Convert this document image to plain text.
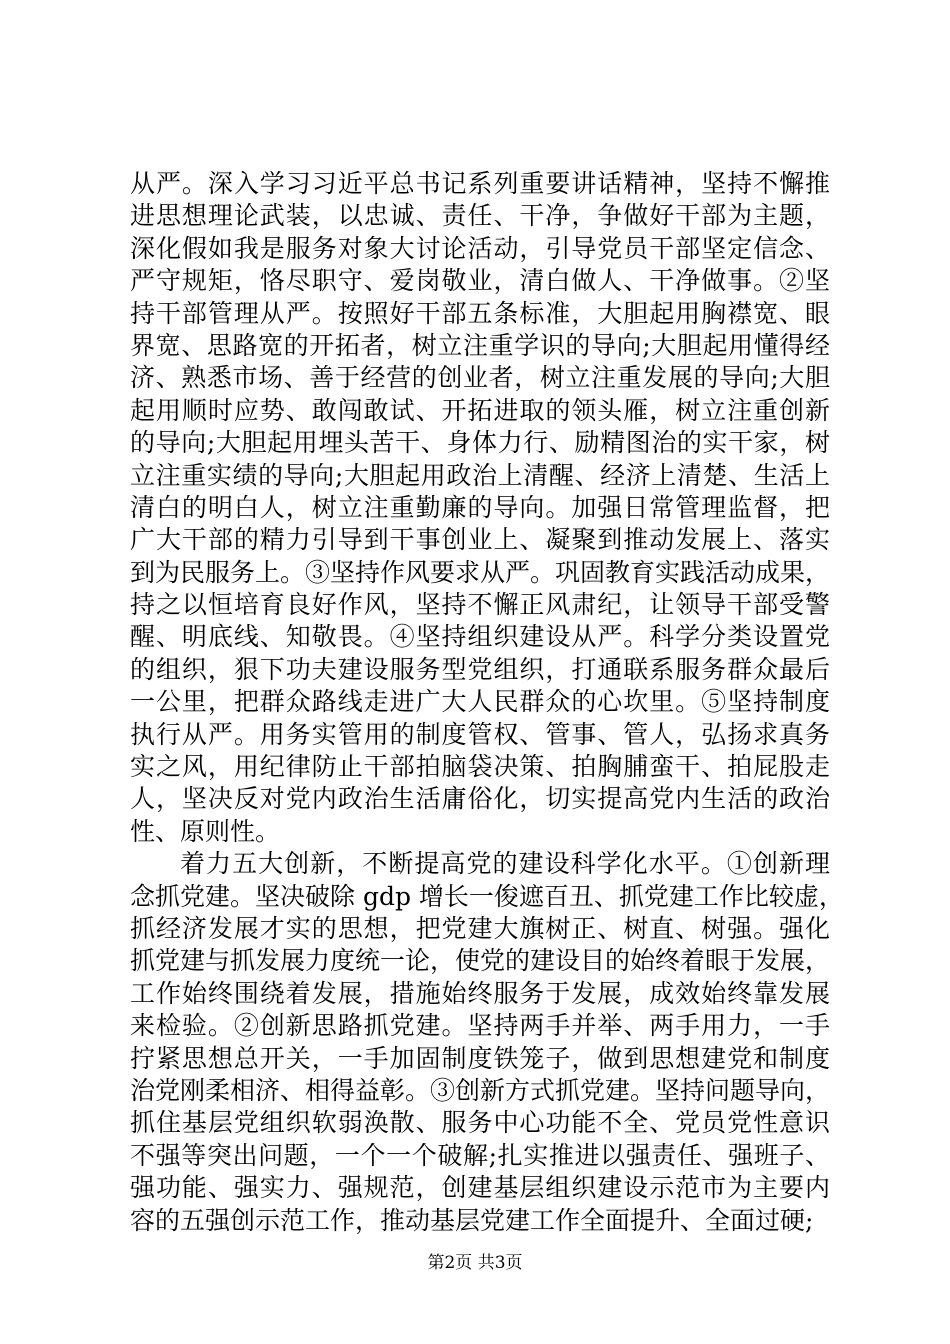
从严。深入学习习近平总书记系列重要讲话精神，坚持不懈推
进思想理论武装，以忠诚、责任、干净，争做好干部为主题，
深化假如我是服务对象大讨论活动，引导党员干部坚定信念、
严守规矩，恪尽职守、爱岗敬业，清白做人、干净做事。②坚
持干部管理从严。按照好干部五条标准，大胆起用胸襟宽、眼
界宽、思路宽的开拓者，树立注重学识的导向;大胆起用懂得经
济、熟悉市场、善于经营的创业者，树立注重发展的导向;大胆
起用顺时应势、敢闯敢试、开拓进取的领头雁，树立注重创新
的导向;大胆起用埋头苦干、身体力行、励精图治的实干家，树
立注重实绩的导向;大胆起用政治上清醒、经济上清楚、生活上
清白的明白人，树立注重勤廉的导向。加强日常管理监督，把
广大干部的精力引导到干事创业上、凝聚到推动发展上、落实
到为民服务上。③坚持作风要求从严。巩固教育实践活动成果，
持之以恒培育良好作风，坚持不懈正风肃纪，让领导干部受警
醒、明底线、知敬畏。④坚持组织建设从严。科学分类设置党
的组织，狠下功夫建设服务型党组织，打通联系服务群众最后
一公里，把群众路线走进广大人民群众的心坎里。⑤坚持制度
执行从严。用务实管用的制度管权、管事、管人，弘扬求真务
实之风，用纪律防止干部拍脑袋决策、拍胸脯蛮干、拍屁股走
人，坚决反对党内政治生活庸俗化，切实提高党内生活的政治
性、原则性。
着力五大创新，不断提高党的建设科学化水平。①创新理
念抓党建。坚决破除 gdp 增长一俊遮百丑、抓党建工作比较虚，
抓经济发展才实的思想，把党建大旗树正、树直、树强。强化
抓党建与抓发展力度统一论，使党的建设目的始终着眼于发展，
工作始终围绕着发展，措施始终服务于发展，成效始终靠发展
来检验。②创新思路抓党建。坚持两手并举、两手用力，一手
拧紧思想总开关，一手加固制度铁笼子，做到思想建党和制度
治党刚柔相济、相得益彰。③创新方式抓党建。坚持问题导向，
抓住基层党组织软弱涣散、服务中心功能不全、党员党性意识
不强等突出问题，一个一个破解;扎实推进以强责任、强班子、
强功能、强实力、强规范，创建基层组织建设示范市为主要内
容的五强创示范工作，推动基层党建工作全面提升、全面过硬;
第2页 共3页
